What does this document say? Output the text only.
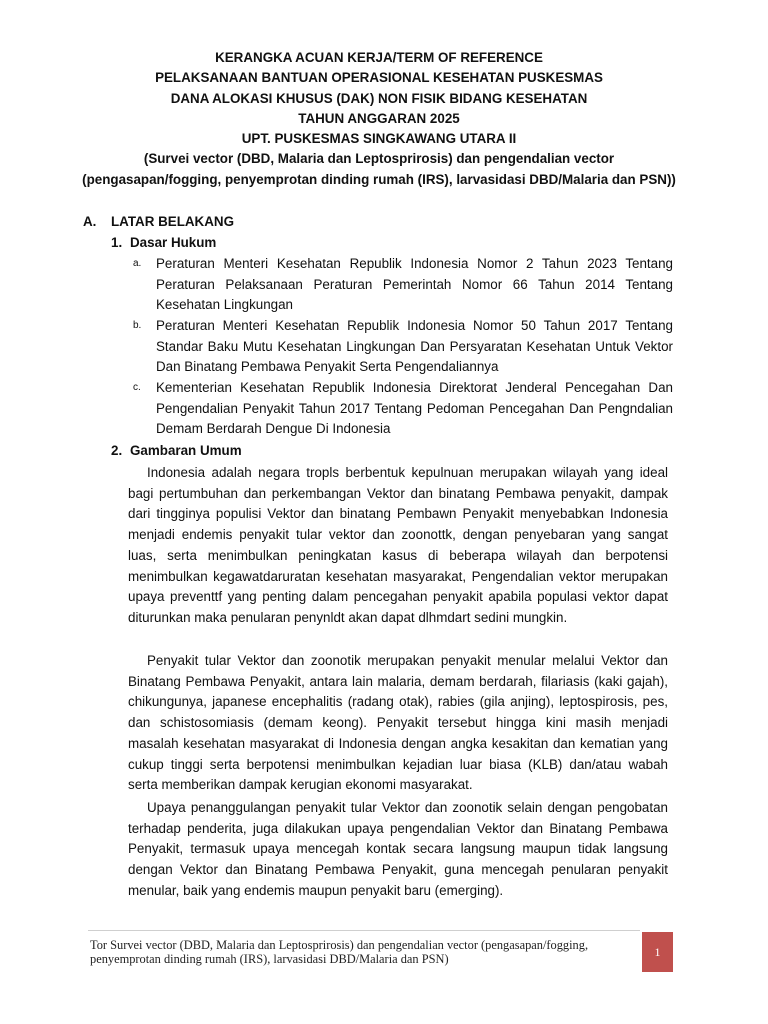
KERANGKA ACUAN KERJA/TERM OF REFERENCE
PELAKSANAAN BANTUAN OPERASIONAL KESEHATAN PUSKESMAS
DANA ALOKASI KHUSUS (DAK) NON FISIK BIDANG KESEHATAN
TAHUN ANGGARAN 2025
UPT. PUSKESMAS SINGKAWANG UTARA II
(Survei vector (DBD, Malaria dan Leptosprirosis) dan pengendalian vector
(pengasapan/fogging, penyemprotan dinding rumah (IRS), larvasidasi DBD/Malaria dan PSN))
A. LATAR BELAKANG
1. Dasar Hukum
a.	Peraturan Menteri Kesehatan Republik Indonesia Nomor 2 Tahun 2023 Tentang Peraturan Pelaksanaan Peraturan Pemerintah Nomor 66 Tahun 2014 Tentang Kesehatan Lingkungan
b.	Peraturan Menteri Kesehatan Republik Indonesia Nomor 50 Tahun 2017 Tentang Standar Baku Mutu Kesehatan Lingkungan Dan Persyaratan Kesehatan Untuk Vektor Dan Binatang Pembawa Penyakit Serta Pengendaliannya
c.	Kementerian Kesehatan Republik Indonesia Direktorat Jenderal Pencegahan Dan Pengendalian Penyakit Tahun 2017 Tentang Pedoman Pencegahan Dan Pengndalian Demam Berdarah Dengue Di Indonesia
2. Gambaran Umum

Indonesia adalah negara tropls berbentuk kepulnuan merupakan wilayah yang ideal bagi pertumbuhan dan perkembangan Vektor dan binatang Pembawa penyakit, dampak dari tingginya populisi Vektor dan binatang Pembawn Penyakit menyebabkan Indonesia menjadi endemis penyakit tular vektor dan zoonottk, dengan penyebaran yang sangat luas, serta menimbulkan peningkatan kasus di beberapa wilayah dan berpotensi menimbulkan kegawatdaruratan kesehatan masyarakat, Pengendalian vektor merupakan upaya preventtf yang penting dalam pencegahan penyakit apabila populasi vektor dapat diturunkan maka penularan penynldt akan dapat dlhmdart sedini mungkin.

Penyakit tular Vektor dan zoonotik merupakan penyakit menular melalui Vektor dan Binatang Pembawa Penyakit, antara lain malaria, demam berdarah, filariasis (kaki gajah), chikungunya, japanese encephalitis (radang otak), rabies (gila anjing), leptospirosis, pes, dan schistosomiasis (demam keong). Penyakit tersebut hingga kini masih menjadi masalah kesehatan masyarakat di Indonesia dengan angka kesakitan dan kematian yang cukup tinggi serta berpotensi menimbulkan kejadian luar biasa (KLB) dan/atau wabah serta memberikan dampak kerugian ekonomi masyarakat.

Upaya penanggulangan penyakit tular Vektor dan zoonotik selain dengan pengobatan terhadap penderita, juga dilakukan upaya pengendalian Vektor dan Binatang Pembawa Penyakit, termasuk upaya mencegah kontak secara langsung maupun tidak langsung dengan Vektor dan Binatang Pembawa Penyakit, guna mencegah penularan penyakit menular, baik yang endemis maupun penyakit baru (emerging).

Tor Survei vector (DBD, Malaria dan Leptosprirosis) dan pengendalian vector (pengasapan/fogging, penyemprotan dinding rumah (IRS), larvasidasi DBD/Malaria dan PSN)
1
